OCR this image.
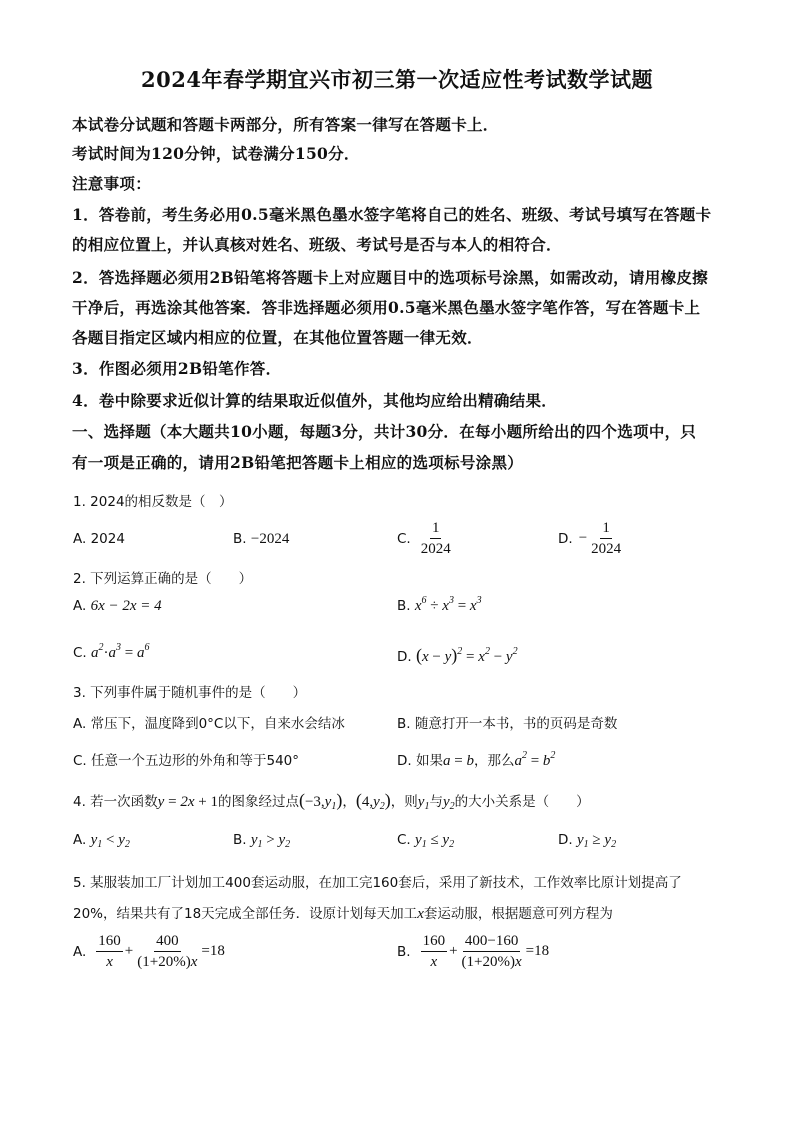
2024年春学期宜兴市初三第一次适应性考试数学试题
本试卷分试题和答题卡两部分，所有答案一律写在答题卡上．
考试时间为120分钟，试卷满分150分．
注意事项：
1．答卷前，考生务必用0.5毫米黑色墨水签字笔将自己的姓名、班级、考试号填写在答题卡
的相应位置上，并认真核对姓名、班级、考试号是否与本人的相符合．
2．答选择题必须用2B铅笔将答题卡上对应题目中的选项标号涂黑，如需改动，请用橡皮擦
干净后，再选涂其他答案．答非选择题必须用0.5毫米黑色墨水签字笔作答，写在答题卡上
各题目指定区域内相应的位置，在其他位置答题一律无效．
3．作图必须用2B铅笔作答．
4．卷中除要求近似计算的结果取近似值外，其他均应给出精确结果．
一、选择题（本大题共10小题，每题3分，共计30分．在每小题所给出的四个选项中，只
有一项是正确的，请用2B铅笔把答题卡上相应的选项标号涂黑）
1. 2024的相反数是（　）
A. 2024	B. −2024	C. $\frac{1}{2024}$	D. − $\frac{1}{2024}$
2. 下列运算正确的是（　　）
A. 6x − 2x = 4	B. $x^6 \div x^3 = x^3$
C. $a^2\cdot a^3 = a^6$
D. $(x - y)^2 = x^2 - y^2$
3. 下列事件属于随机事件的是（　　）
A. 常压下，温度降到0°C以下，自来水会结冰	B. 随意打开一本书，书的页码是奇数
C. 任意一个五边形的外角和等于540°	D. 如果a = b，那么$a^2 = b^2$
4. 若一次函数y = 2x + 1的图象经过点$(-3,y_1)$，$(4,y_2)$，则$y_1$与$y_2$的大小关系是（　　）
A. $y_1 < y_2$	B. $y_1 > y_2$	C. $y_1 \le y_2$	D. $y_1 \ge y_2$
5. 某服装加工厂计划加工400套运动服，在加工完160套后，采用了新技术，工作效率比原计划提高了
20%，结果共有了18天完成全部任务．设原计划每天加工x套运动服，根据题意可列方程为
A. $\frac{160}{x} + \frac{400}{(1+20\%)x} =18$	B. $\frac{160}{x} + \frac{400-160}{(1+20\%)x} =18$
